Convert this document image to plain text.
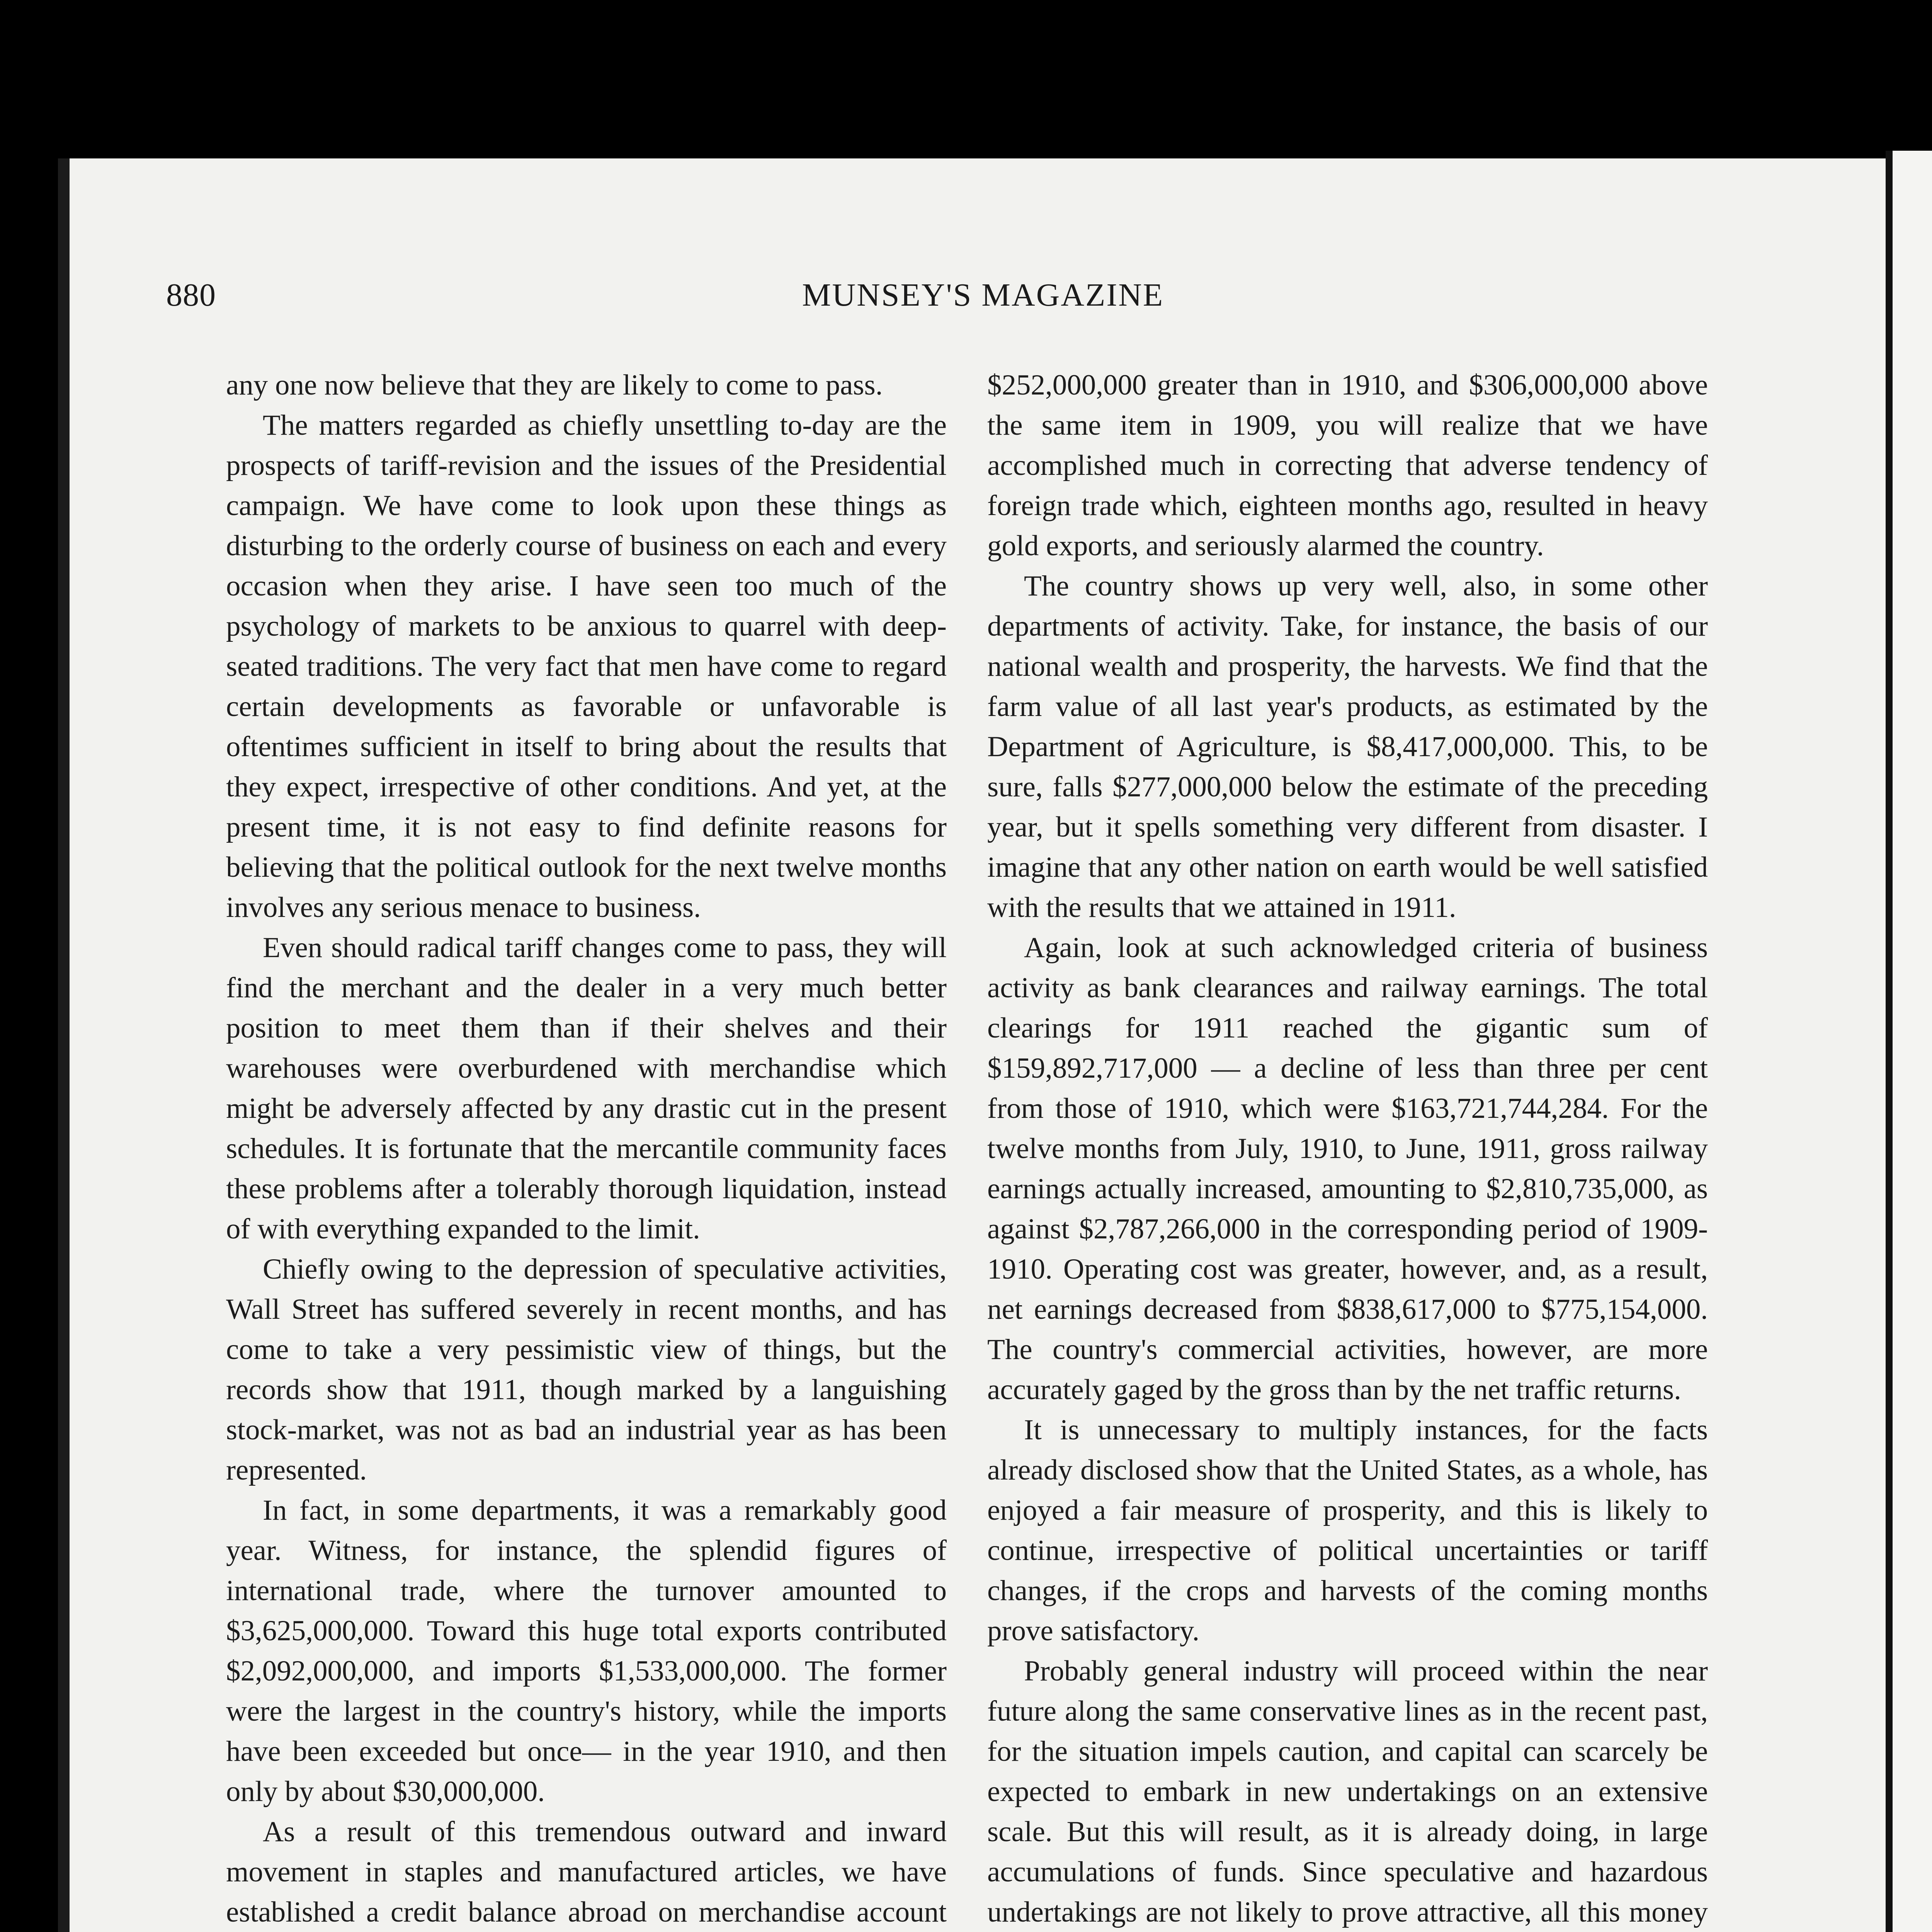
880	MUNSEY'S MAGAZINE

any one now believe that they are likely to come to pass.

The matters regarded as chiefly unsettling to-day are the prospects of tariff-revision and the issues of the Presidential campaign. We have come to look upon these things as disturbing to the orderly course of business on each and every occasion when they arise. I have seen too much of the psychology of markets to be anxious to quarrel with deep-seated traditions. The very fact that men have come to regard certain developments as favorable or unfavorable is oftentimes sufficient in itself to bring about the results that they expect, irrespective of other conditions. And yet, at the present time, it is not easy to find definite reasons for believing that the political outlook for the next twelve months involves any serious menace to business.

Even should radical tariff changes come to pass, they will find the merchant and the dealer in a very much better position to meet them than if their shelves and their warehouses were overburdened with merchandise which might be adversely affected by any drastic cut in the present schedules. It is fortunate that the mercantile community faces these problems after a tolerably thorough liquidation, instead of with everything expanded to the limit.

Chiefly owing to the depression of speculative activities, Wall Street has suffered severely in recent months, and has come to take a very pessimistic view of things, but the records show that 1911, though marked by a languishing stock-market, was not as bad an industrial year as has been represented.

In fact, in some departments, it was a remarkably good year. Witness, for instance, the splendid figures of international trade, where the turnover amounted to $3,625,000,000. Toward this huge total exports contributed $2,092,000,000, and imports $1,533,000,000. The former were the largest in the country's history, while the imports have been exceeded but once— in the year 1910, and then only by about $30,000,000.

As a result of this tremendous outward and inward movement in staples and manufactured articles, we have established a credit balance abroad on merchandise account

$252,000,000 greater than in 1910, and $306,000,000 above the same item in 1909, you will realize that we have accomplished much in correcting that adverse tendency of foreign trade which, eighteen months ago, resulted in heavy gold exports, and seriously alarmed the country.

The country shows up very well, also, in some other departments of activity. Take, for instance, the basis of our national wealth and prosperity, the harvests. We find that the farm value of all last year's products, as estimated by the Department of Agriculture, is $8,417,000,000. This, to be sure, falls $277,000,000 below the estimate of the preceding year, but it spells something very different from disaster. I imagine that any other nation on earth would be well satisfied with the results that we attained in 1911.

Again, look at such acknowledged criteria of business activity as bank clearances and railway earnings. The total clearings for 1911 reached the gigantic sum of $159,892,717,000 — a decline of less than three per cent from those of 1910, which were $163,721,744,284. For the twelve months from July, 1910, to June, 1911, gross railway earnings actually increased, amounting to $2,810,735,000, as against $2,787,266,000 in the corresponding period of 1909-1910. Operating cost was greater, however, and, as a result, net earnings decreased from $838,617,000 to $775,154,000. The country's commercial activities, however, are more accurately gaged by the gross than by the net traffic returns.

It is unnecessary to multiply instances, for the facts already disclosed show that the United States, as a whole, has enjoyed a fair measure of prosperity, and this is likely to continue, irrespective of political uncertainties or tariff changes, if the crops and harvests of the coming months prove satisfactory.

Probably general industry will proceed within the near future along the same conservative lines as in the recent past, for the situation impels caution, and capital can scarcely be expected to embark in new undertakings on an extensive scale. But this will result, as it is already doing, in large accumulations of funds. Since speculative and hazardous undertakings are not likely to prove attractive, all this money
